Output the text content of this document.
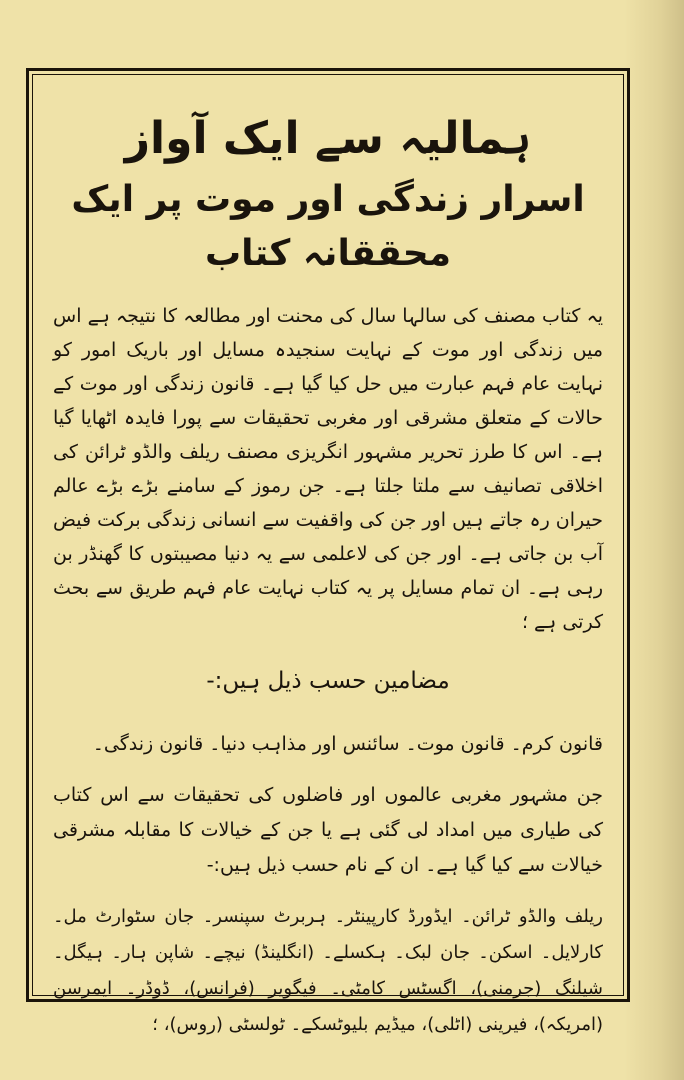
ہمالیہ سے ایک آواز
اسرار زندگی اور موت پر ایک محققانہ کتاب

یہ کتاب مصنف کی سالہا سال کی محنت اور مطالعہ کا نتیجہ ہے اس میں زندگی اور موت کے نہایت سنجیدہ مسایل اور باریک امور کو نہایت عام فہم عبارت میں حل کیا گیا ہے۔ قانون زندگی اور موت کے حالات کے متعلق مشرقی اور مغربی تحقیقات سے پورا فایدہ اٹھایا گیا ہے۔ اس کا طرز تحریر مشہور انگریزی مصنف ریلف والڈو ٹرائن کی اخلاقی تصانیف سے ملتا جلتا ہے۔ جن رموز کے سامنے بڑے بڑے عالم حیران رہ جاتے ہیں اور جن کی واقفیت سے انسانی زندگی برکت فیض آب بن جاتی ہے۔ اور جن کی لاعلمی سے یہ دنیا مصیبتوں کا گھنڈر بن رہی ہے۔ ان تمام مسایل پر یہ کتاب نہایت عام فہم طریق سے بحث کرتی ہے ؛

مضامین حسب ذیل ہیں:-

قانون کرم۔ قانون موت۔ سائنس اور مذاہب دنیا۔ قانون زندگی۔

جن مشہور مغربی عالموں اور فاضلوں کی تحقیقات سے اس کتاب کی طیاری میں امداد لی گئی ہے یا جن کے خیالات کا مقابلہ مشرقی خیالات سے کیا گیا ہے۔ ان کے نام حسب ذیل ہیں:-

ریلف والڈو ٹرائن۔ ایڈورڈ کارپینٹر۔ ہربرٹ سپنسر۔ جان سٹوارٹ مل۔ کارلایل۔ اسکن۔ جان لبک۔ ہکسلے۔ (انگلینڈ) نیچے۔ شاپن ہار۔ ہیگل۔ شیلنگ (جرمنی)، اگسٹس کامٹی۔ فیگویر (فرانس)، ڈوڈر۔ ایمرسن (امریکہ)، فیرینی (اٹلی)، میڈیم بلیوٹسکے۔ ٹولسٹی (روس)، ؛
